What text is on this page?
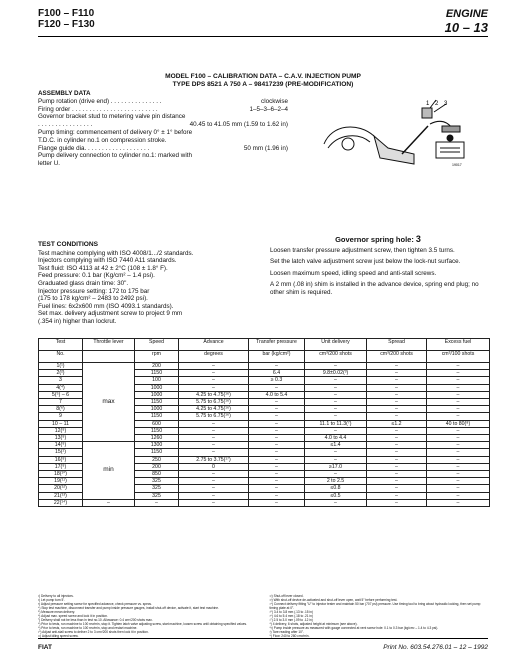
F100 – F110
F120 – F130
ENGINE
10 – 13
MODEL F100 – CALIBRATION DATA – C.A.V. INJECTION PUMP
TYPE DPS 8521 A 750 A – 98417239 (PRE-MODIFICATION)
ASSEMBLY DATA
Pump rotation (drive end) . . . . . . . . . . . . . . .	clockwise
Firing order . . . . . . . . . . . . . . . . . . . . . . . . .	1–5–3–6–2–4
Governor bracket stud to metering valve pin distance
. . . . . . . . . . . . . . . .	40.45 to 41.05 mm (1.59 to 1.62 in)
Pump timing: commencement of delivery 0° ± 1° before
T.D.C. in cylinder no.1 on compression stroke.
Flange guide dia. . . . . . . . . . . . . . . . . . .	50 mm (1.96 in)
Pump delivery connection to cylinder no.1: marked with
letter U.
1 2 3
19017
TEST CONDITIONS
Test machine complying with ISO 4008/1.../2 standards.
Injectors complying with ISO 7440 A11 standards.
Test fluid: ISO 4113 at 42 ± 2°C (108 ± 1.8° F).
Feed pressure: 0.1 bar (Kg/cm² – 1.4 psi).
Graduated glass drain time: 30".
Injector pressure setting: 172 to 175 bar
(175 to 178 kg/cm² – 2483 to 2492 psi).
Fuel lines: 6x2x600 mm (ISO 4093.1 standards).
Set max. delivery adjustment screw to project 9 mm
(.354 in) higher than lockrut.
Governor spring hole: 3

Loosen transfer pressure adjustment screw, then tighten 3.5 turns.

Set the latch valve adjustment screw just below the lock-nut surface.

Loosen maximum speed, idling speed and anti-stall screws.

A 2 mm (.08 in) shim is installed in the advance device, spring end plug; no other shim is required.

Test	Throttle lever	Speed	Advance	Transfer pressure	Unit delivery	Spread	Excess fuel
No.		rpm	degrees	bar (kg/cm²)	cm³/200 shots	cm³/200 shots	cm³/100 shots
1(¹)	max	200	–	–	–	–	–
2(²)		1150	–	6.4	9.8±0.02(³)	–	–
3		100	–	≥ 0.3	–	–	–
4(⁴)		1000	–	–	–	–	–
5(⁵) – 6		1000	4.25 to 4.75(¹⁶)	4.0 to 5.4	–	–	–
7		1150	5.75 to 6.75(¹⁶)	–	–	–	–
8(⁶)		1000	4.25 to 4.75(¹⁶)	–	–	–	–
9		1150	5.75 to 6.75(¹⁶)	–	–	–	–
10 – 11		600	–	–	11.1 to 11.3(⁷)	≤1.2	40 to 80(⁸)
12(⁹)		1150	–	–	–	–	–
13(⁹)		1260	–	–	4.0 to 4.4	–	–
14(⁹)	min	1300	–	–	≤1.4	–	–
15(¹)		1150	–	–	–	–	–
16(⁹)		250	2.75 to 3.75(¹⁷)	–	–	–	–
17(⁹)		200	0	–	≥17.0	–	–
18(¹⁰)		850	–	–	–	–	–
19(¹¹)		325	–	–	2 to 2.5	–	–
20(¹²)		325	–	–	≤0.8	–	–
21(¹³)		325	–	–	≤0.5	–	–
22(¹⁴)	–	–	–	–	–	–	–
¹) Delivery to all injectors.
²) Let pump turn 5'.
³) Adjust pressure setting screw for specified advance, check pressure vs. specs.
⁴) Stop test machine, disconnect transfer and pump inside pressure gauges, install shut-off device, activate it, start test machine.
⁵) Measure mean delivery.
⁶) Adjust max. speed screw and lock it in position.
⁷) Delivery shall not be less than in test no.10. Allowance: 0.4 cm³/200 shots max.
⁸) Prior to tests, run machine to 100 rev/min, stop it. Tighten latch valve adjusting screw, start machine, loosen screw until obtaining specified values.
⁹) Prior to tests, run machine to 100 rev/min, stop and restart machine.
¹⁰) Adjust anti-stall screw to deliver 2 to 3 cm³/200 shots then lock it in position.
¹¹) Adjust idling speed screw.
¹²) Shut-off lever closed.
¹³) With shut-off device de-activated and shut-off lever open, wait 5" before performing test.
¹⁴) Connect delivery fitting "U" to injector tester and maintain 50 bar (707 psi) pressure. Use timing tool to bring about hydraulic locking, then set pump timing plate at 0°.
¹⁵) 3.4 to 3.8 mm (.13 to .15 in)
¹⁶) 4.6 to 5.4 mm (.18 to .21 in)
¹⁷) 2.5 to 3.0 mm (.09 to .12 in)
*) 4 delivery, 6 shots, adjusted height at minimum (see above).
*²) Pump inside pressure as measured with gauge connected at vent screw hole: 0.1 to 0.3 bar (kg/cm² – 1.4 to 4.3 psi).
³) Tare reading after 10".
⁸) Flow: 240 to 280 cm³/min.
FIAT	Print No. 603.54.276.01 – 12 – 1992
